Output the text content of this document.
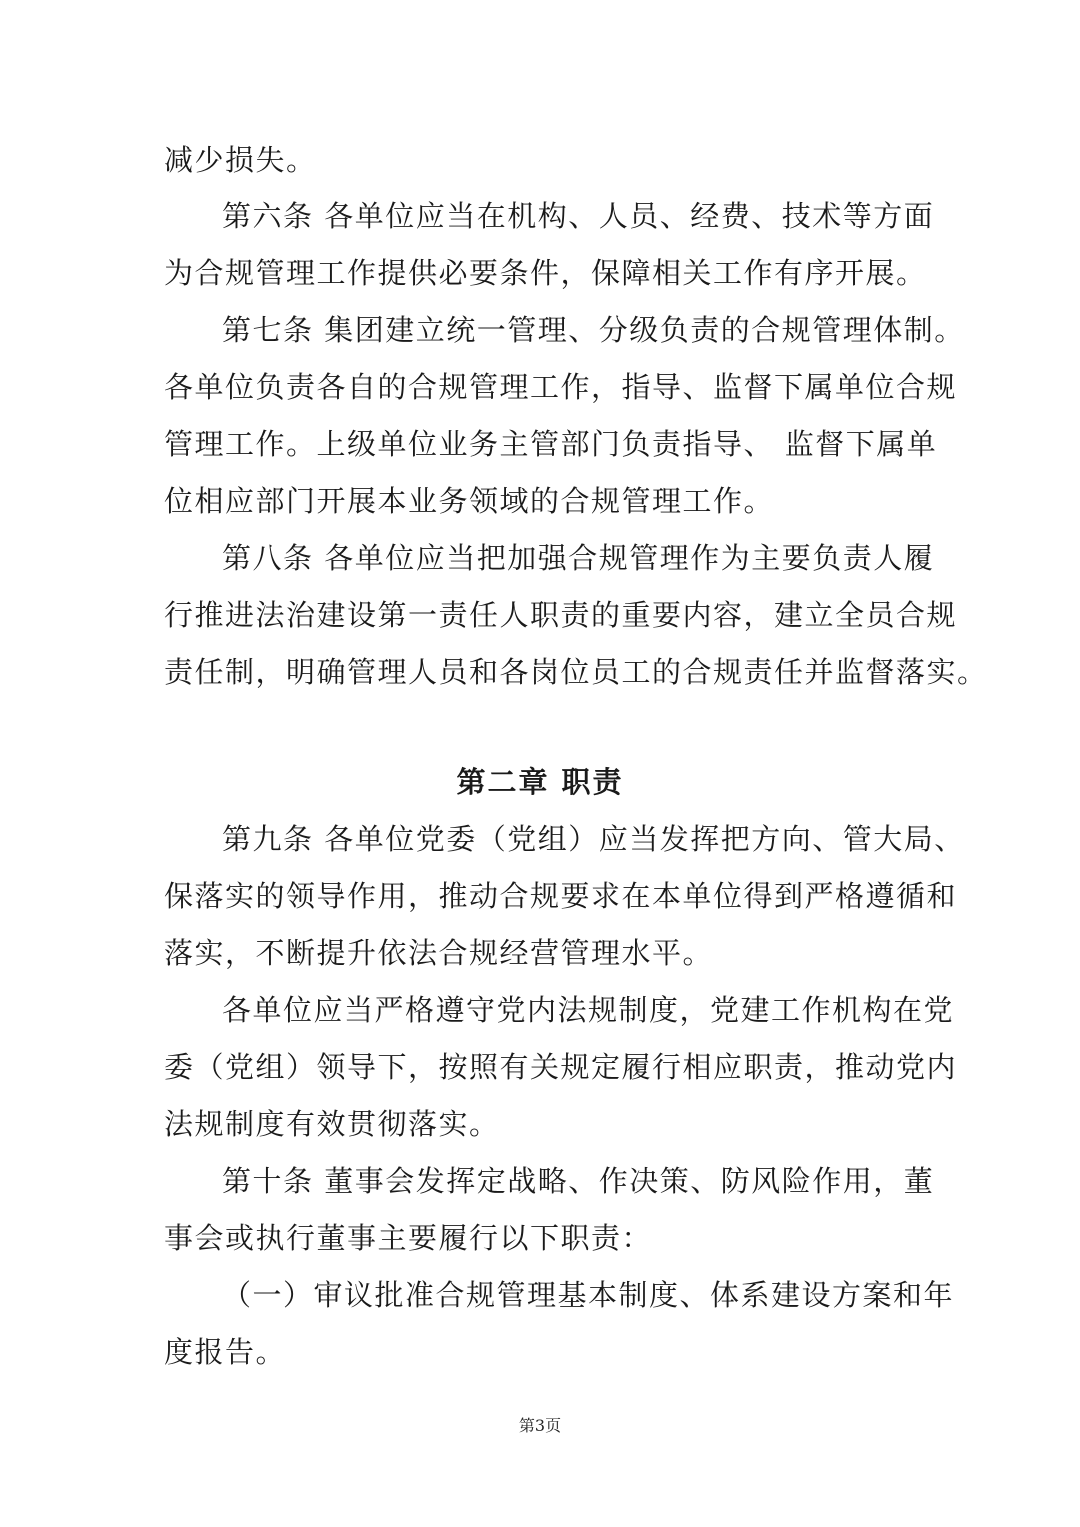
减少损失。
第六条 各单位应当在机构、人员、经费、技术等方面
为合规管理工作提供必要条件，保障相关工作有序开展。
第七条 集团建立统一管理、分级负责的合规管理体制。
各单位负责各自的合规管理工作，指导、监督下属单位合规
管理工作。上级单位业务主管部门负责指导、 监督下属单
位相应部门开展本业务领域的合规管理工作。
第八条 各单位应当把加强合规管理作为主要负责人履
行推进法治建设第一责任人职责的重要内容，建立全员合规
责任制，明确管理人员和各岗位员工的合规责任并监督落实。
第二章 职责
第九条 各单位党委（党组）应当发挥把方向、管大局、
保落实的领导作用，推动合规要求在本单位得到严格遵循和
落实，不断提升依法合规经营管理水平。
各单位应当严格遵守党内法规制度，党建工作机构在党
委（党组）领导下，按照有关规定履行相应职责，推动党内
法规制度有效贯彻落实。
第十条 董事会发挥定战略、作决策、防风险作用，董
事会或执行董事主要履行以下职责：
（一）审议批准合规管理基本制度、体系建设方案和年
度报告。
第3页
